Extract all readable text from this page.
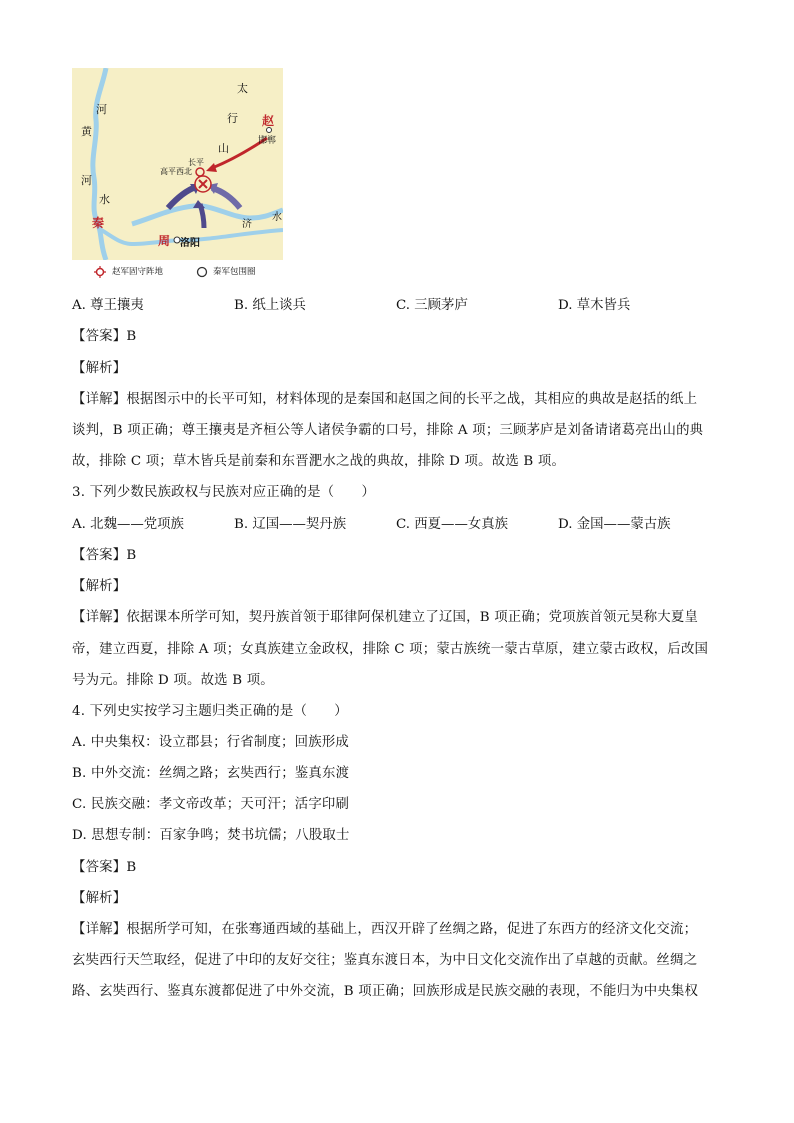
太
行
山
赵
邯郸
长平
高平西北
河
黄
河
水
秦	济
水
周 洛阳
赵军固守阵地	秦军包围圈
A. 尊王攘夷	B. 纸上谈兵	C. 三顾茅庐	D. 草木皆兵
【答案】B
【解析】
【详解】根据图示中的长平可知，材料体现的是秦国和赵国之间的长平之战，其相应的典故是赵括的纸上
谈判，B 项正确；尊王攘夷是齐桓公等人诸侯争霸的口号，排除 A 项；三顾茅庐是刘备请诸葛亮出山的典
故，排除 C 项；草木皆兵是前秦和东晋淝水之战的典故，排除 D 项。故选 B 项。
3. 下列少数民族政权与民族对应正确的是（　　）
A. 北魏——党项族	B. 辽国——契丹族	C. 西夏——女真族	D. 金国——蒙古族
【答案】B
【解析】
【详解】依据课本所学可知，契丹族首领于耶律阿保机建立了辽国，B 项正确；党项族首领元昊称大夏皇
帝，建立西夏，排除 A 项；女真族建立金政权，排除 C 项；蒙古族统一蒙古草原，建立蒙古政权，后改国
号为元。排除 D 项。故选 B 项。
4. 下列史实按学习主题归类正确的是（　　）
A. 中央集权：设立郡县；行省制度；回族形成
B. 中外交流：丝绸之路；玄奘西行；鉴真东渡
C. 民族交融：孝文帝改革；天可汗；活字印刷
D. 思想专制：百家争鸣；焚书坑儒；八股取士
【答案】B
【解析】
【详解】根据所学可知，在张骞通西域的基础上，西汉开辟了丝绸之路，促进了东西方的经济文化交流；
玄奘西行天竺取经，促进了中印的友好交往；鉴真东渡日本，为中日文化交流作出了卓越的贡献。丝绸之
路、玄奘西行、鉴真东渡都促进了中外交流，B 项正确；回族形成是民族交融的表现，不能归为中央集权
